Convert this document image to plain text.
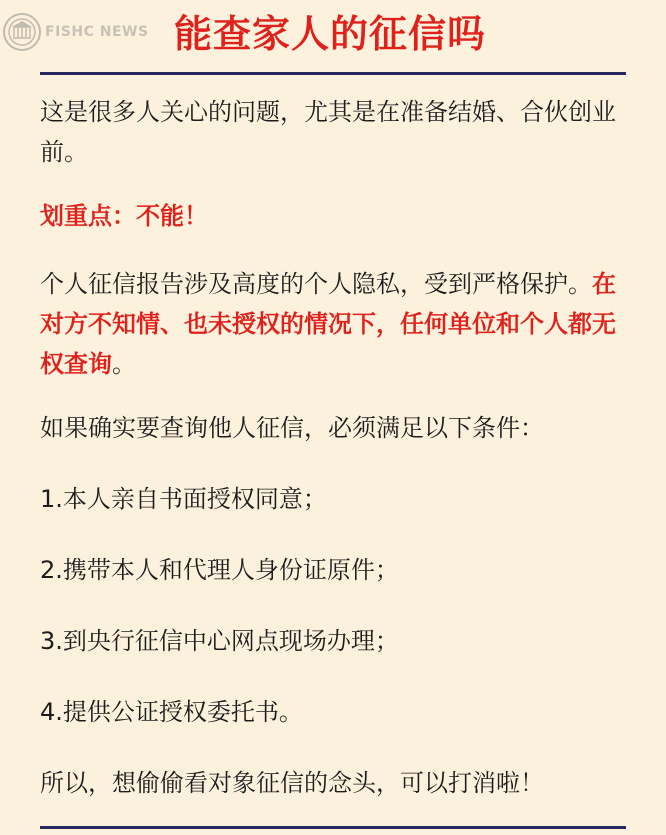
FISHC NEWS 能查家人的征信吗

这是很多人关心的问题，尤其是在准备结婚、合伙创业前。

划重点：不能！

个人征信报告涉及高度的个人隐私，受到严格保护。在对方不知情、也未授权的情况下，任何单位和个人都无权查询。

如果确实要查询他人征信，必须满足以下条件：

1.本人亲自书面授权同意；

2.携带本人和代理人身份证原件；

3.到央行征信中心网点现场办理；

4.提供公证授权委托书。

所以，想偷偷看对象征信的念头，可以打消啦！
